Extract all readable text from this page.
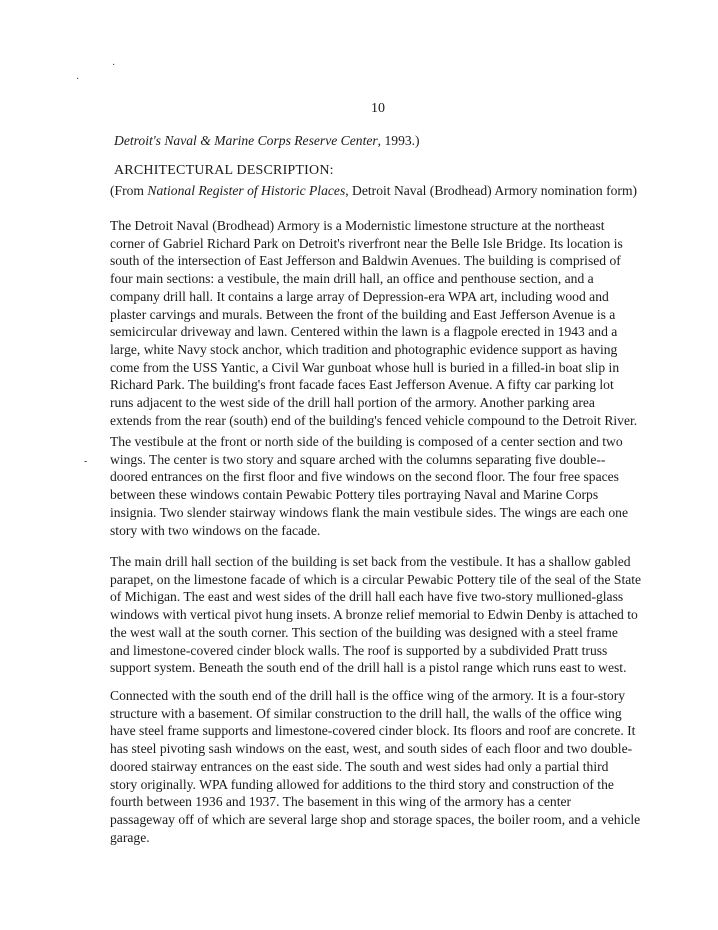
·
·
-
10
Detroit's Naval & Marine Corps Reserve Center, 1993.)
ARCHITECTURAL DESCRIPTION:
(From National Register of Historic Places, Detroit Naval (Brodhead) Armory nomination form)
The Detroit Naval (Brodhead) Armory is a Modernistic limestone structure at the northeast
corner of Gabriel Richard Park on Detroit's riverfront near the Belle Isle Bridge. Its location is
south of the intersection of East Jefferson and Baldwin Avenues. The building is comprised of
four main sections: a vestibule, the main drill hall, an office and penthouse section, and a
company drill hall. It contains a large array of Depression-era WPA art, including wood and
plaster carvings and murals. Between the front of the building and East Jefferson Avenue is a
semicircular driveway and lawn. Centered within the lawn is a flagpole erected in 1943 and a
large, white Navy stock anchor, which tradition and photographic evidence support as having
come from the USS Yantic, a Civil War gunboat whose hull is buried in a filled-in boat slip in
Richard Park. The building's front facade faces East Jefferson Avenue. A fifty car parking lot
runs adjacent to the west side of the drill hall portion of the armory. Another parking area
extends from the rear (south) end of the building's fenced vehicle compound to the Detroit River.
The vestibule at the front or north side of the building is composed of a center section and two
wings. The center is two story and square arched with the columns separating five double--
doored entrances on the first floor and five windows on the second floor. The four free spaces
between these windows contain Pewabic Pottery tiles portraying Naval and Marine Corps
insignia. Two slender stairway windows flank the main vestibule sides. The wings are each one
story with two windows on the facade.
The main drill hall section of the building is set back from the vestibule. It has a shallow gabled
parapet, on the limestone facade of which is a circular Pewabic Pottery tile of the seal of the State
of Michigan. The east and west sides of the drill hall each have five two-story mullioned-glass
windows with vertical pivot hung insets. A bronze relief memorial to Edwin Denby is attached to
the west wall at the south corner. This section of the building was designed with a steel frame
and limestone-covered cinder block walls. The roof is supported by a subdivided Pratt truss
support system. Beneath the south end of the drill hall is a pistol range which runs east to west.
Connected with the south end of the drill hall is the office wing of the armory. It is a four-story
structure with a basement. Of similar construction to the drill hall, the walls of the office wing
have steel frame supports and limestone-covered cinder block. Its floors and roof are concrete. It
has steel pivoting sash windows on the east, west, and south sides of each floor and two double-
doored stairway entrances on the east side. The south and west sides had only a partial third
story originally. WPA funding allowed for additions to the third story and construction of the
fourth between 1936 and 1937. The basement in this wing of the armory has a center
passageway off of which are several large shop and storage spaces, the boiler room, and a vehicle
garage.
